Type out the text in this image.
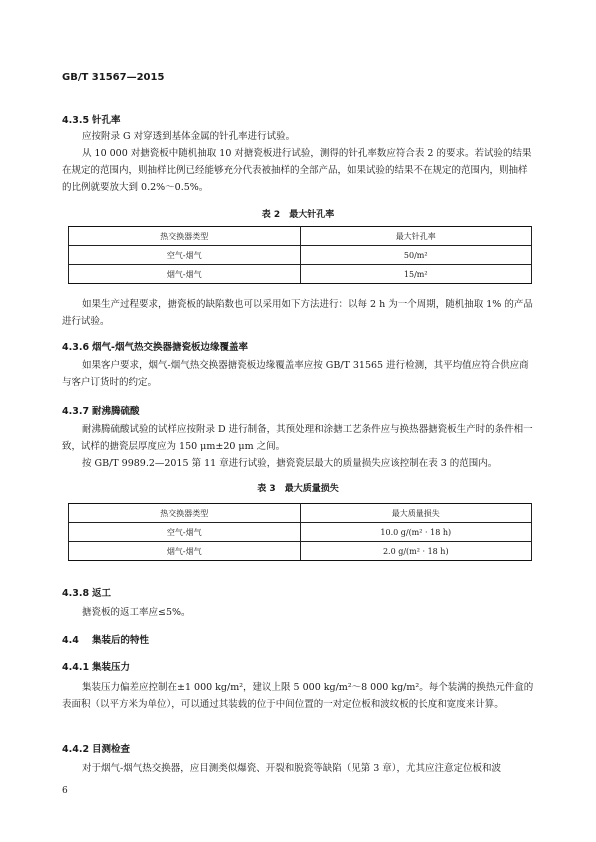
GB/T 31567—2015
4.3.5 针孔率
应按附录 G 对穿透到基体金属的针孔率进行试验。
从 10 000 对搪瓷板中随机抽取 10 对搪瓷板进行试验，测得的针孔率数应符合表 2 的要求。若试验的结果在规定的范围内，则抽样比例已经能够充分代表被抽样的全部产品，如果试验的结果不在规定的范围内，则抽样的比例就要放大到 0.2%～0.5%。
表 2　最大针孔率
热交换器类型	最大针孔率
空气-烟气	50/m²
烟气-烟气	15/m²
如果生产过程要求，搪瓷板的缺陷数也可以采用如下方法进行：以每 2 h 为一个周期，随机抽取 1% 的产品进行试验。
4.3.6 烟气-烟气热交换器搪瓷板边缘覆盖率
如果客户要求，烟气-烟气热交换器搪瓷板边缘覆盖率应按 GB/T 31565 进行检测，其平均值应符合供应商与客户订货时的约定。
4.3.7 耐沸腾硫酸
耐沸腾硫酸试验的试样应按附录 D 进行制备，其预处理和涂搪工艺条件应与换热器搪瓷板生产时的条件相一致，试样的搪瓷层厚度应为 150 μm±20 μm 之间。
按 GB/T 9989.2—2015 第 11 章进行试验，搪瓷瓷层最大的质量损失应该控制在表 3 的范围内。
表 3　最大质量损失
热交换器类型	最大质量损失
空气-烟气	10.0 g/(m² · 18 h)
烟气-烟气	2.0 g/(m² · 18 h)
4.3.8 返工
搪瓷板的返工率应≤5%。
4.4 集装后的特性
4.4.1 集装压力
集装压力偏差应控制在±1 000 kg/m²，建议上限 5 000 kg/m²～8 000 kg/m²。每个装满的换热元件盒的表面积（以平方米为单位），可以通过其装载的位于中间位置的一对定位板和波纹板的长度和宽度来计算。
4.4.2 目测检查
对于烟气-烟气热交换器，应目测类似爆瓷、开裂和脱瓷等缺陷（见第 3 章），尤其应注意定位板和波
6
